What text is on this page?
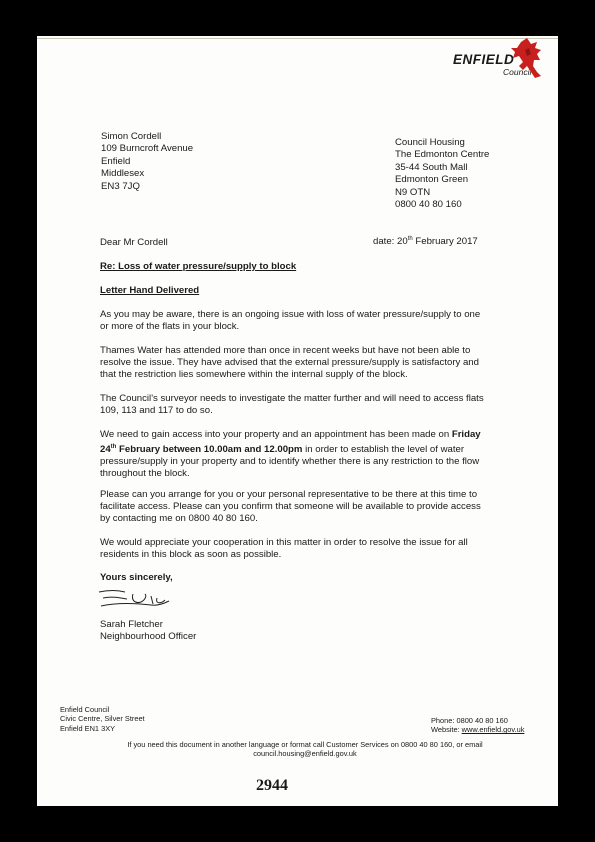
ENFIELD
Council
Simon Cordell
109 Burncroft Avenue
Enfield
Middlesex
EN3 7JQ
Council Housing
The Edmonton Centre
35-44 South Mall
Edmonton Green
N9 OTN
0800 40 80 160
date: 20th February 2017
Dear Mr Cordell
Re: Loss of water pressure/supply to block
Letter Hand Delivered

As you may be aware, there is an ongoing issue with loss of water pressure/supply to one or more of the flats in your block.

Thames Water has attended more than once in recent weeks but have not been able to resolve the issue. They have advised that the external pressure/supply is satisfactory and that the restriction lies somewhere within the internal supply of the block.

The Council's surveyor needs to investigate the matter further and will need to access flats 109, 113 and 117 to do so.

We need to gain access into your property and an appointment has been made on Friday 24th February between 10.00am and 12.00pm in order to establish the level of water pressure/supply in your property and to identify whether there is any restriction to the flow throughout the block.

Please can you arrange for you or your personal representative to be there at this time to facilitate access. Please can you confirm that someone will be available to provide access by contacting me on 0800 40 80 160.

We would appreciate your cooperation in this matter in order to resolve the issue for all residents in this block as soon as possible.

Yours sincerely,
Sarah Fletcher
Neighbourhood Officer
Enfield Council
Civic Centre, Silver Street
Enfield EN1 3XY
Phone: 0800 40 80 160
Website: www.enfield.gov.uk
If you need this document in another language or format call Customer Services on 0800 40 80 160, or email
council.housing@enfield.gov.uk
2944
